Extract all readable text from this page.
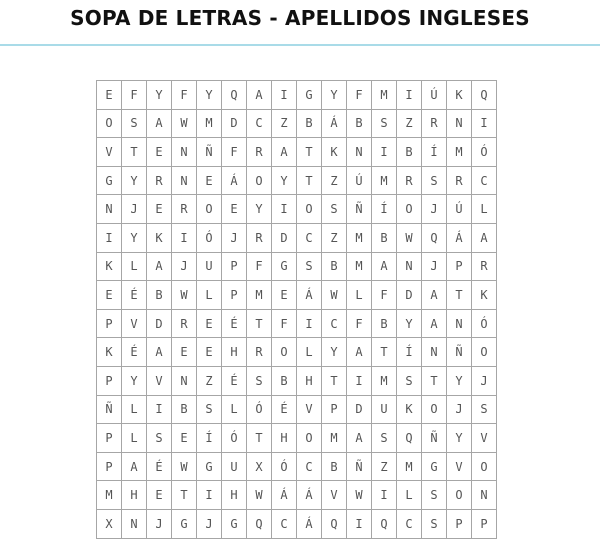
SOPA DE LETRAS - APELLIDOS INGLESES
E	F	Y	F	Y	Q	A	I	G	Y	F	M	I	Ú	K	Q
O	S	A	W	M	D	C	Z	B	Á	B	S	Z	R	N	I
V	T	E	N	Ñ	F	R	A	T	K	N	I	B	Í	M	Ó
G	Y	R	N	E	Á	O	Y	T	Z	Ú	M	R	S	R	C
N	J	E	R	O	E	Y	I	O	S	Ñ	Í	O	J	Ú	L
I	Y	K	I	Ó	J	R	D	C	Z	M	B	W	Q	Á	A
K	L	A	J	U	P	F	G	S	B	M	A	N	J	P	R
E	É	B	W	L	P	M	E	Á	W	L	F	D	A	T	K
P	V	D	R	E	É	T	F	I	C	F	B	Y	A	N	Ó
K	É	A	E	E	H	R	O	L	Y	A	T	Í	N	Ñ	O
P	Y	V	N	Z	É	S	B	H	T	I	M	S	T	Y	J
Ñ	L	I	B	S	L	Ó	É	V	P	D	U	K	O	J	S
P	L	S	E	Í	Ó	T	H	O	M	A	S	Q	Ñ	Y	V
P	A	É	W	G	U	X	Ó	C	B	Ñ	Z	M	G	V	O
M	H	E	T	I	H	W	Á	Á	V	W	I	L	S	O	N
X	N	J	G	J	G	Q	C	Á	Q	I	Q	C	S	P	P
